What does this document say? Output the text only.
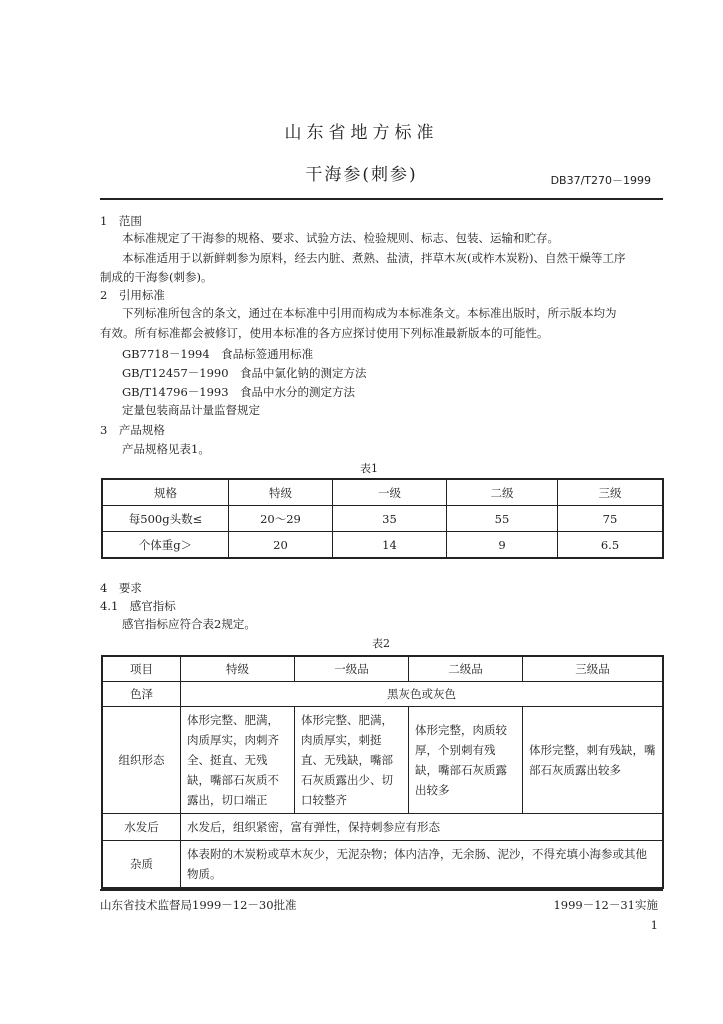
山东省地方标准
干海参(刺参)	DB37/T270－1999
1　范围
本标准规定了干海参的规格、要求、试验方法、检验规则、标志、包装、运输和贮存。
本标准适用于以新鲜刺参为原料，经去内脏、煮熟、盐渍，拌草木灰(或柞木炭粉)、自然干燥等工序
制成的干海参(刺参)。
2　引用标准
下列标准所包含的条文，通过在本标准中引用而构成为本标准条文。本标准出版时，所示版本均为
有效。所有标准都会被修订，使用本标准的各方应探讨使用下列标准最新版本的可能性。
GB7718－1994　食品标签通用标准
GB/T12457－1990　食品中氯化钠的测定方法
GB/T14796－1993　食品中水分的测定方法
定量包装商品计量监督规定
3　产品规格
产品规格见表1。
表1
规格	特级	一级	二级	三级
每500g头数≤	20～29	35	55	75
个体重g＞	20	14	9	6.5
4　要求
4.1　感官指标
感官指标应符合表2规定。
表2
项目	特级	一级品	二级品	三级品
色泽	黑灰色或灰色			
组织形态	体形完整、肥满，肉质厚实，肉刺齐全、挺直、无残缺，嘴部石灰质不露出，切口端正	体形完整、肥满，肉质厚实，刺挺直、无残缺，嘴部石灰质露出少、切口较整齐	体形完整，肉质较厚，个别刺有残缺，嘴部石灰质露出较多	体形完整，刺有残缺，嘴部石灰质露出较多
水发后	水发后，组织紧密，富有弹性，保持刺参应有形态			
杂质	体表附的木炭粉或草木灰少，无泥杂物；体内洁净，无余肠、泥沙，不得充填小海参或其他物质。			
山东省技术监督局1999－12－30批准	1999－12－31实施
1
